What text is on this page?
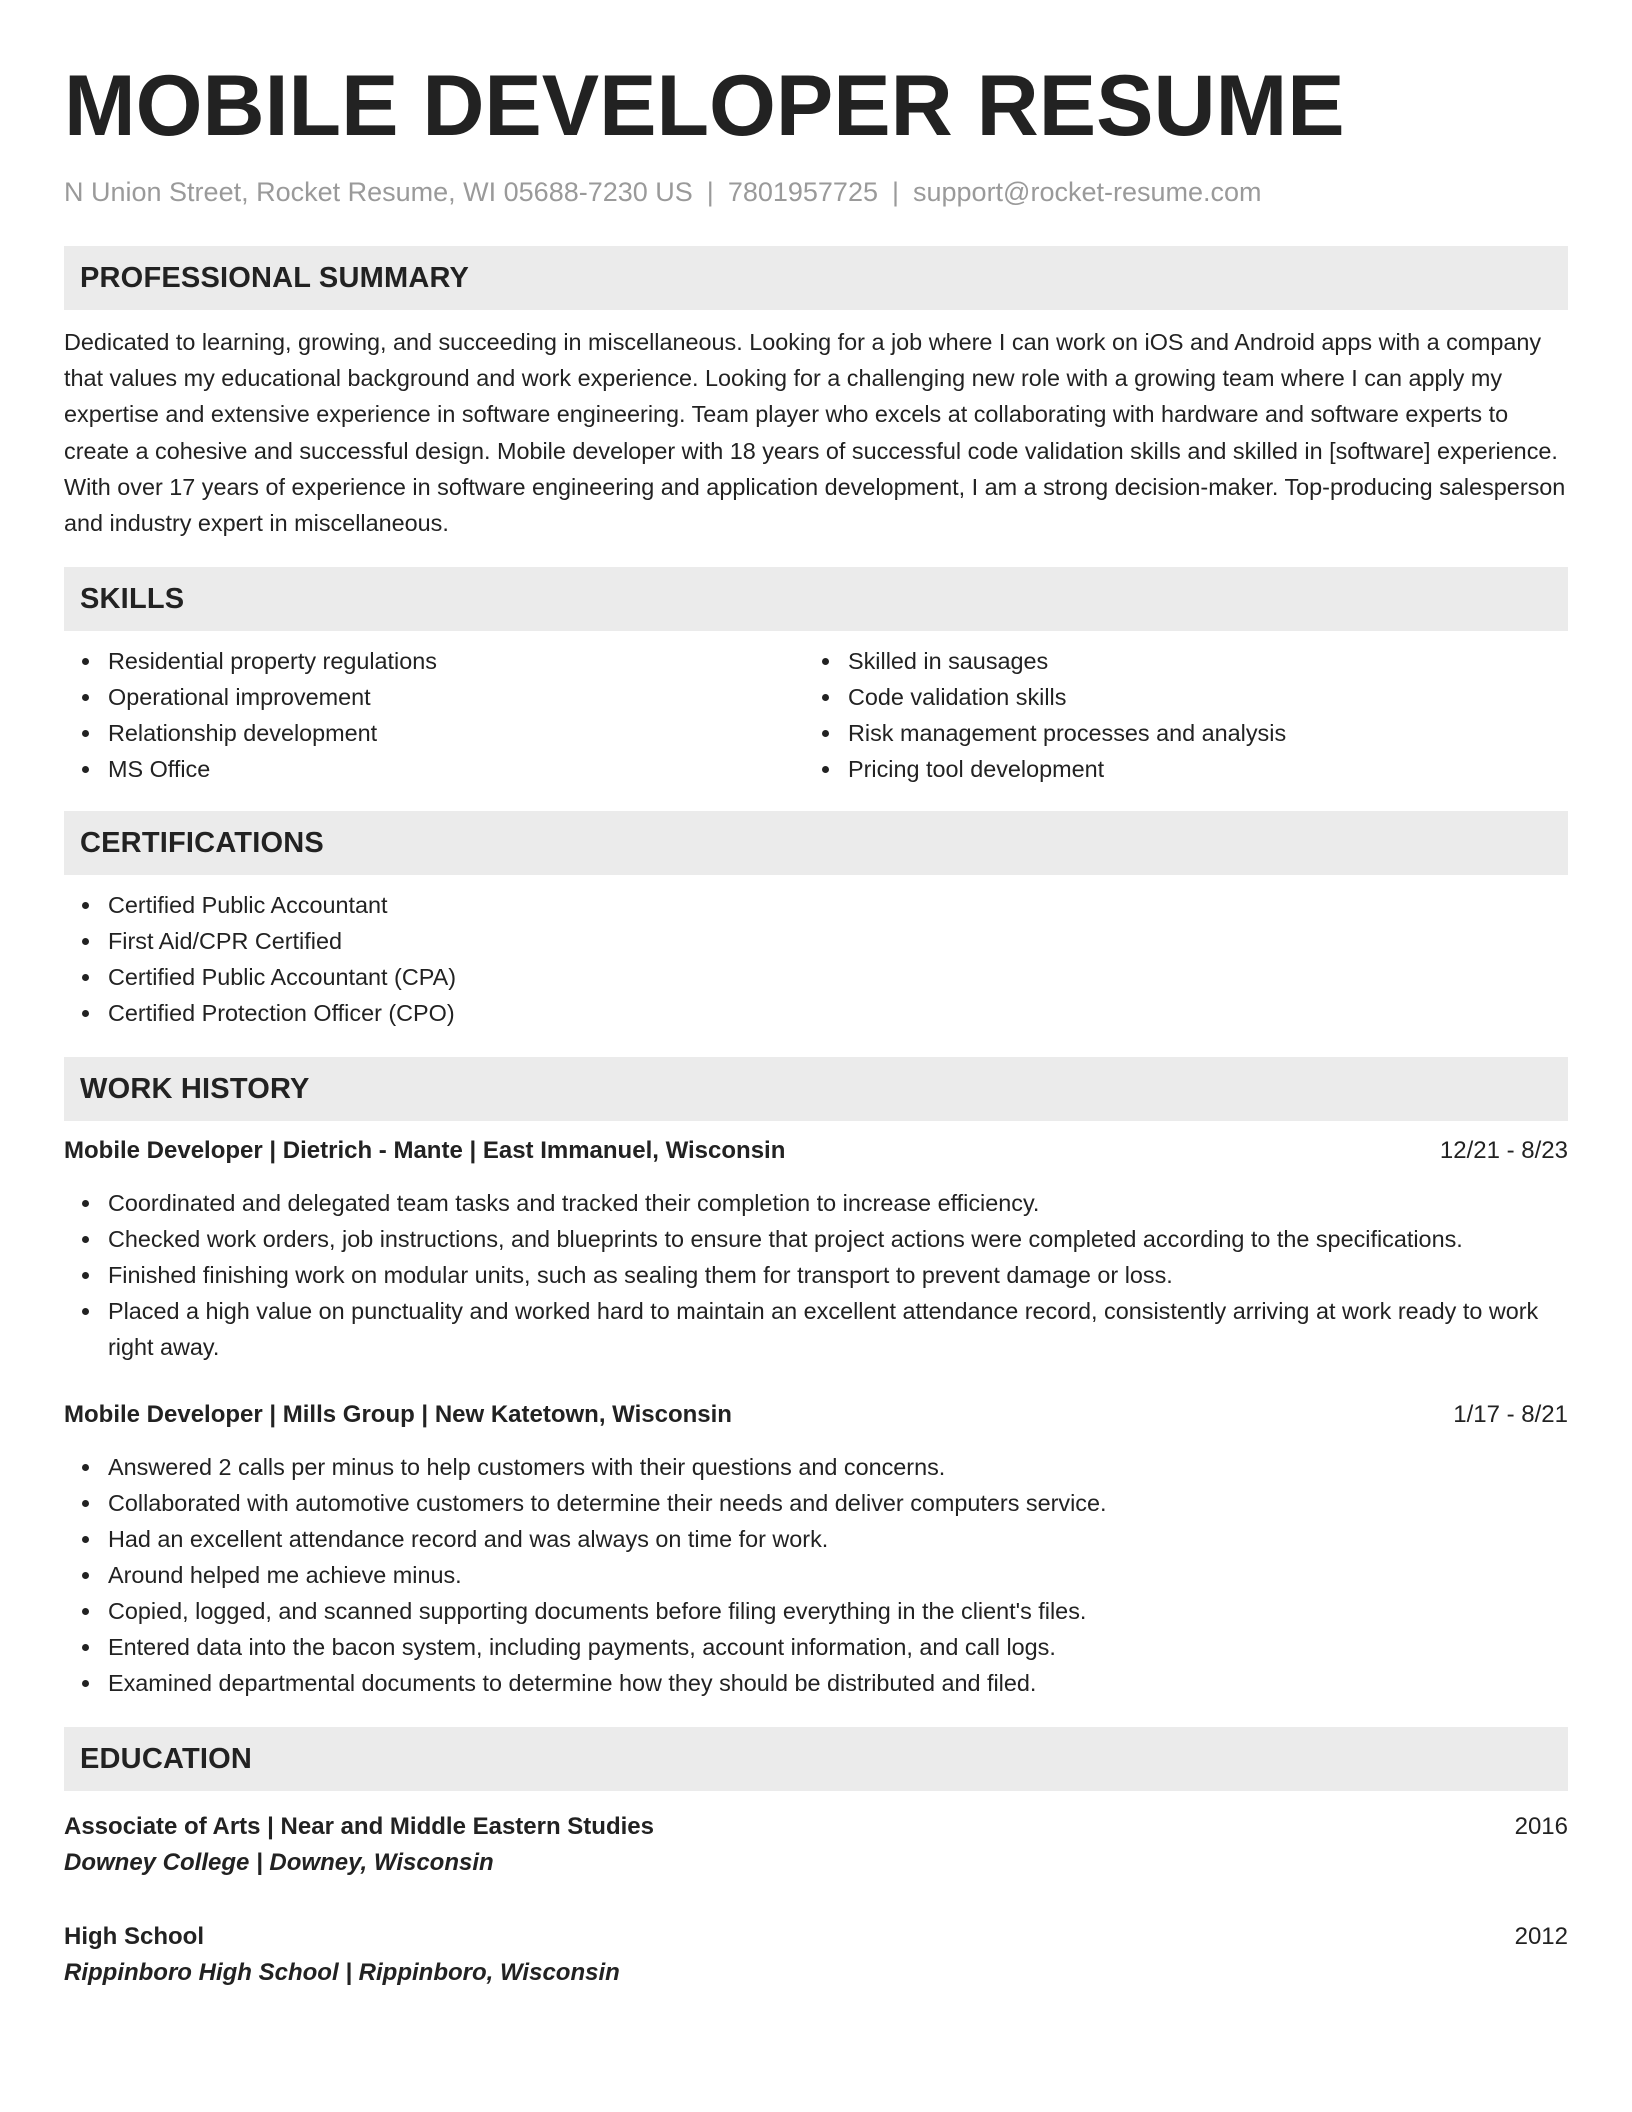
MOBILE DEVELOPER RESUME
N Union Street, Rocket Resume, WI 05688-7230 US | 7801957725 | support@rocket-resume.com
PROFESSIONAL SUMMARY

Dedicated to learning, growing, and succeeding in miscellaneous. Looking for a job where I can work on iOS and Android apps with a company that values my educational background and work experience. Looking for a challenging new role with a growing team where I can apply my expertise and extensive experience in software engineering. Team player who excels at collaborating with hardware and software experts to create a cohesive and successful design. Mobile developer with 18 years of successful code validation skills and skilled in [software] experience. With over 17 years of experience in software engineering and application development, I am a strong decision-maker. Top-producing salesperson and industry expert in miscellaneous.

SKILLS
Residential property regulations
Operational improvement
Relationship development
MS Office
Skilled in sausages
Code validation skills
Risk management processes and analysis
Pricing tool development
CERTIFICATIONS
Certified Public Accountant
First Aid/CPR Certified
Certified Public Accountant (CPA)
Certified Protection Officer (CPO)
WORK HISTORY
Mobile Developer | Dietrich - Mante | East Immanuel, Wisconsin	12/21 - 8/23
Coordinated and delegated team tasks and tracked their completion to increase efficiency.
Checked work orders, job instructions, and blueprints to ensure that project actions were completed according to the specifications.
Finished finishing work on modular units, such as sealing them for transport to prevent damage or loss.
Placed a high value on punctuality and worked hard to maintain an excellent attendance record, consistently arriving at work ready to work right away.
Mobile Developer | Mills Group | New Katetown, Wisconsin	1/17 - 8/21
Answered 2 calls per minus to help customers with their questions and concerns.
Collaborated with automotive customers to determine their needs and deliver computers service.
Had an excellent attendance record and was always on time for work.
Around helped me achieve minus.
Copied, logged, and scanned supporting documents before filing everything in the client's files.
Entered data into the bacon system, including payments, account information, and call logs.
Examined departmental documents to determine how they should be distributed and filed.
EDUCATION
Associate of Arts | Near and Middle Eastern Studies	2016
Downey College | Downey, Wisconsin
High School	2012
Rippinboro High School | Rippinboro, Wisconsin
